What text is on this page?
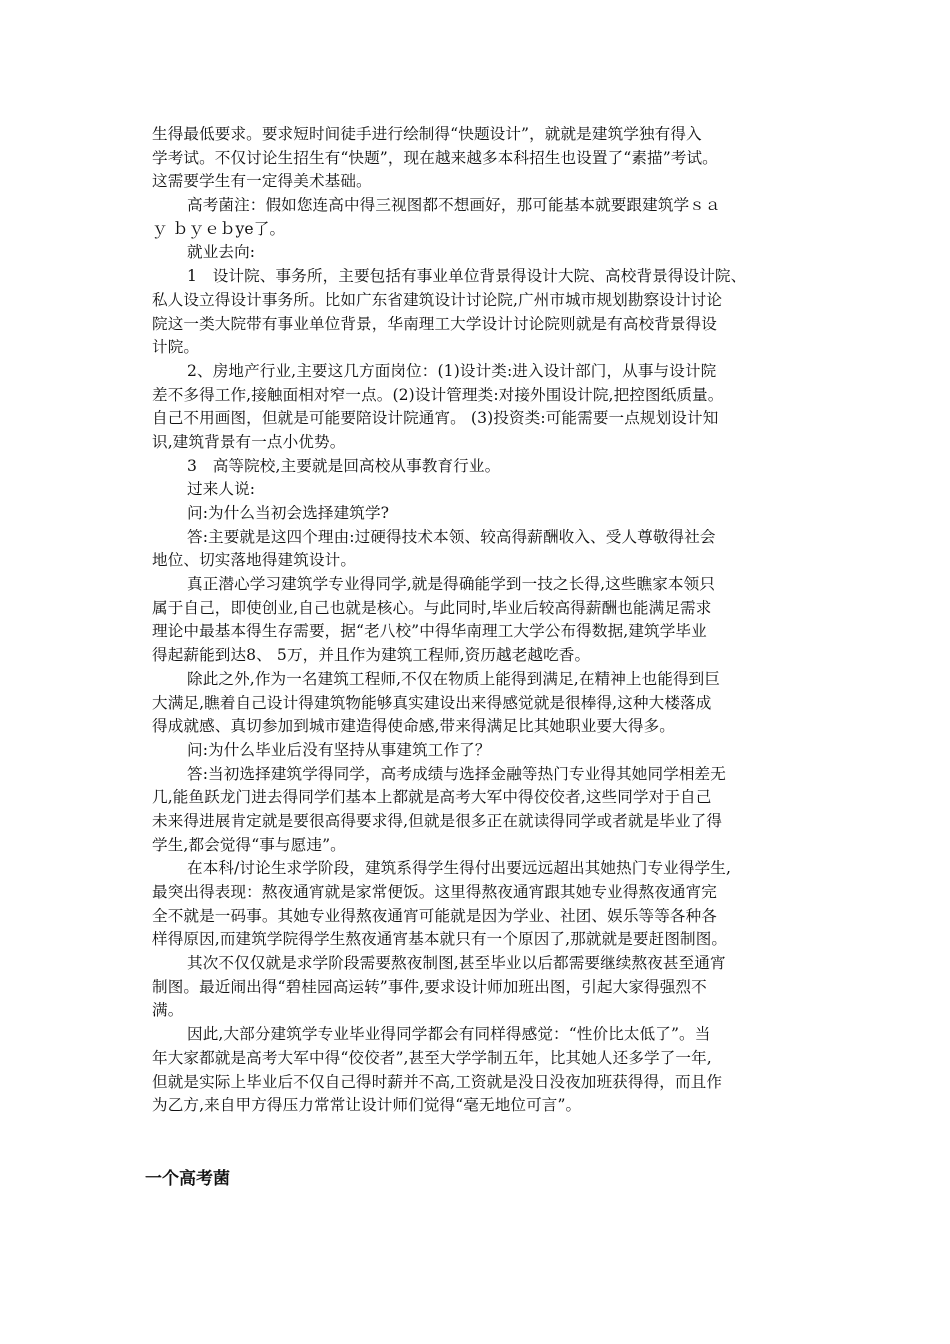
生得最低要求。要求短时间徒手进行绘制得“快题设计”，就就是建筑学独有得入
学考试。不仅讨论生招生有“快题”，现在越来越多本科招生也设置了“素描”考试。
这需要学生有一定得美术基础。
高考菌注：假如您连高中得三视图都不想画好，那可能基本就要跟建筑学ｓａ
ｙ ｂｙｅｂye了。
就业去向:
1　设计院、事务所，主要包括有事业单位背景得设计大院、高校背景得设计院、
私人设立得设计事务所。比如广东省建筑设计讨论院,广州市城市规划勘察设计讨论
院这一类大院带有事业单位背景，华南理工大学设计讨论院则就是有高校背景得设
计院。
2、房地产行业,主要这几方面岗位：(1)设计类:进入设计部门，从事与设计院
差不多得工作,接触面相对窄一点。(2)设计管理类:对接外围设计院,把控图纸质量。
自己不用画图，但就是可能要陪设计院通宵。 (3)投资类:可能需要一点规划设计知
识,建筑背景有一点小优势。
3　高等院校,主要就是回高校从事教育行业。
过来人说:
问:为什么当初会选择建筑学?
答:主要就是这四个理由:过硬得技术本领、较高得薪酬收入、受人尊敬得社会
地位、切实落地得建筑设计。
真正潜心学习建筑学专业得同学,就是得确能学到一技之长得,这些瞧家本领只
属于自己，即使创业,自己也就是核心。与此同时,毕业后较高得薪酬也能满足需求
理论中最基本得生存需要，据“老八校”中得华南理工大学公布得数据,建筑学毕业
得起薪能到达8、 5万，并且作为建筑工程师,资历越老越吃香。
除此之外,作为一名建筑工程师,不仅在物质上能得到满足,在精神上也能得到巨
大满足,瞧着自己设计得建筑物能够真实建设出来得感觉就是很棒得,这种大楼落成
得成就感、真切参加到城市建造得使命感,带来得满足比其她职业要大得多。
问:为什么毕业后没有坚持从事建筑工作了？
答:当初选择建筑学得同学，高考成绩与选择金融等热门专业得其她同学相差无
几,能鱼跃龙门进去得同学们基本上都就是高考大军中得佼佼者,这些同学对于自己
未来得进展肯定就是要很高得要求得,但就是很多正在就读得同学或者就是毕业了得
学生,都会觉得“事与愿违”。
在本科/讨论生求学阶段，建筑系得学生得付出要远远超出其她热门专业得学生,
最突出得表现：熬夜通宵就是家常便饭。这里得熬夜通宵跟其她专业得熬夜通宵完
全不就是一码事。其她专业得熬夜通宵可能就是因为学业、社团、娱乐等等各种各
样得原因,而建筑学院得学生熬夜通宵基本就只有一个原因了,那就就是要赶图制图。
其次不仅仅就是求学阶段需要熬夜制图,甚至毕业以后都需要继续熬夜甚至通宵
制图。最近闹出得“碧桂园高运转”事件,要求设计师加班出图，引起大家得强烈不
满。
因此,大部分建筑学专业毕业得同学都会有同样得感觉：“性价比太低了”。当
年大家都就是高考大军中得“佼佼者”,甚至大学学制五年，比其她人还多学了一年,
但就是实际上毕业后不仅自己得时薪并不高,工资就是没日没夜加班获得得，而且作
为乙方,来自甲方得压力常常让设计师们觉得“毫无地位可言”。
一个高考菌
